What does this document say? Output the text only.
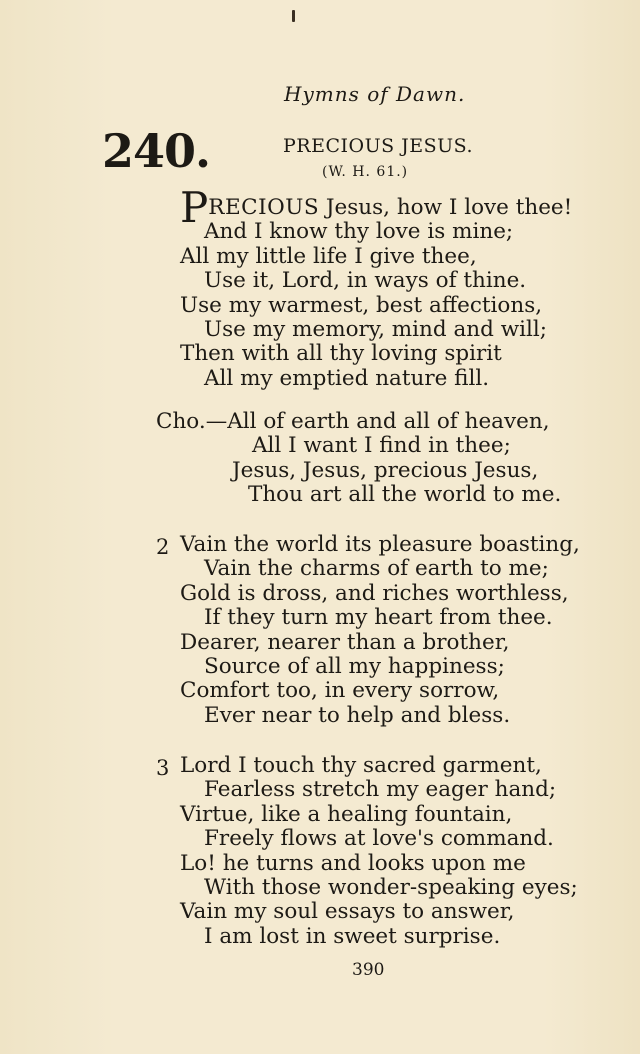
Hymns of Dawn.
240.	PRECIOUS JESUS.
(W. H. 61.)
PRECIOUS Jesus, how I love thee!
And I know thy love is mine;
All my little life I give thee,
Use it, Lord, in ways of thine.
Use my warmest, best affections,
Use my memory, mind and will;
Then with all thy loving spirit
All my emptied nature fill.
Cho.—All of earth and all of heaven,
All I want I find in thee;
Jesus, Jesus, precious Jesus,
Thou art all the world to me.
2 Vain the world its pleasure boasting,
Vain the charms of earth to me;
Gold is dross, and riches worthless,
If they turn my heart from thee.
Dearer, nearer than a brother,
Source of all my happiness;
Comfort too, in every sorrow,
Ever near to help and bless.
3 Lord I touch thy sacred garment,
Fearless stretch my eager hand;
Virtue, like a healing fountain,
Freely flows at love's command.
Lo! he turns and looks upon me
With those wonder-speaking eyes;
Vain my soul essays to answer,
I am lost in sweet surprise.
390
